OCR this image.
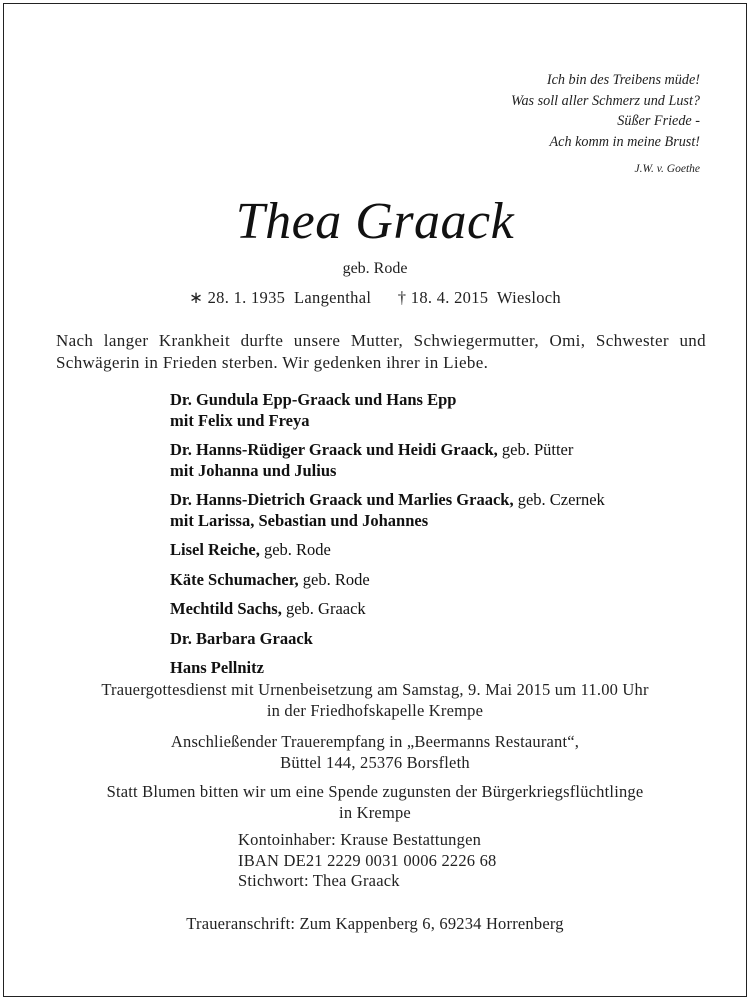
Ich bin des Treibens müde!
Was soll aller Schmerz und Lust?
Süßer Friede -
Ach komm in meine Brust!
J.W. v. Goethe
Thea Graack
geb. Rode
∗ 28. 1. 1935  Langenthal † 18. 4. 2015  Wiesloch
Nach langer Krankheit durfte unsere Mutter, Schwiegermutter, Omi, Schwester und Schwägerin in Frieden sterben. Wir gedenken ihrer in Liebe.
Dr. Gundula Epp-Graack und Hans Epp
mit Felix und Freya
Dr. Hanns-Rüdiger Graack und Heidi Graack, geb. Pütter
mit Johanna und Julius
Dr. Hanns-Dietrich Graack und Marlies Graack, geb. Czernek
mit Larissa, Sebastian und Johannes
Lisel Reiche, geb. Rode
Käte Schumacher, geb. Rode
Mechtild Sachs, geb. Graack
Dr. Barbara Graack
Hans Pellnitz
Trauergottesdienst mit Urnenbeisetzung am Samstag, 9. Mai 2015 um 11.00 Uhr
in der Friedhofskapelle Krempe
Anschließender Trauerempfang in „Beermanns Restaurant“,
Büttel 144, 25376 Borsfleth
Statt Blumen bitten wir um eine Spende zugunsten der Bürgerkriegsflüchtlinge
in Krempe
Kontoinhaber: Krause Bestattungen
IBAN DE21 2229 0031 0006 2226 68
Stichwort: Thea Graack
Traueranschrift: Zum Kappenberg 6, 69234 Horrenberg
